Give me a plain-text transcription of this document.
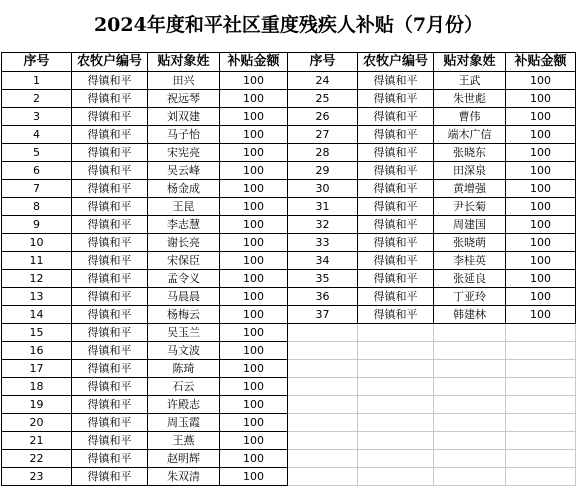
2024年度和平社区重度残疾人补贴（7月份）
序号	农牧户编号	贴对象姓	补贴金额	序号	农牧户编号	贴对象姓	补贴金额
1	得镇和平	田兴	100	24	得镇和平	王武	100
2	得镇和平	祝远琴	100	25	得镇和平	朱世彪	100
3	得镇和平	刘双建	100	26	得镇和平	曹伟	100
4	得镇和平	马子怡	100	27	得镇和平	端木广信	100
5	得镇和平	宋宪亮	100	28	得镇和平	张晓东	100
6	得镇和平	吴云峰	100	29	得镇和平	田深泉	100
7	得镇和平	杨金成	100	30	得镇和平	黄增强	100
8	得镇和平	王昆	100	31	得镇和平	尹长菊	100
9	得镇和平	李志慧	100	32	得镇和平	周建国	100
10	得镇和平	谢长亮	100	33	得镇和平	张晓萌	100
11	得镇和平	宋保臣	100	34	得镇和平	李桂英	100
12	得镇和平	孟令义	100	35	得镇和平	张延良	100
13	得镇和平	马晨晨	100	36	得镇和平	丁亚玲	100
14	得镇和平	杨梅云	100	37	得镇和平	韩建林	100
15	得镇和平	吴玉兰	100				
16	得镇和平	马文波	100				
17	得镇和平	陈琦	100				
18	得镇和平	石云	100				
19	得镇和平	许殿志	100				
20	得镇和平	周玉霞	100				
21	得镇和平	王燕	100				
22	得镇和平	赵明辉	100				
23	得镇和平	朱双清	100				
